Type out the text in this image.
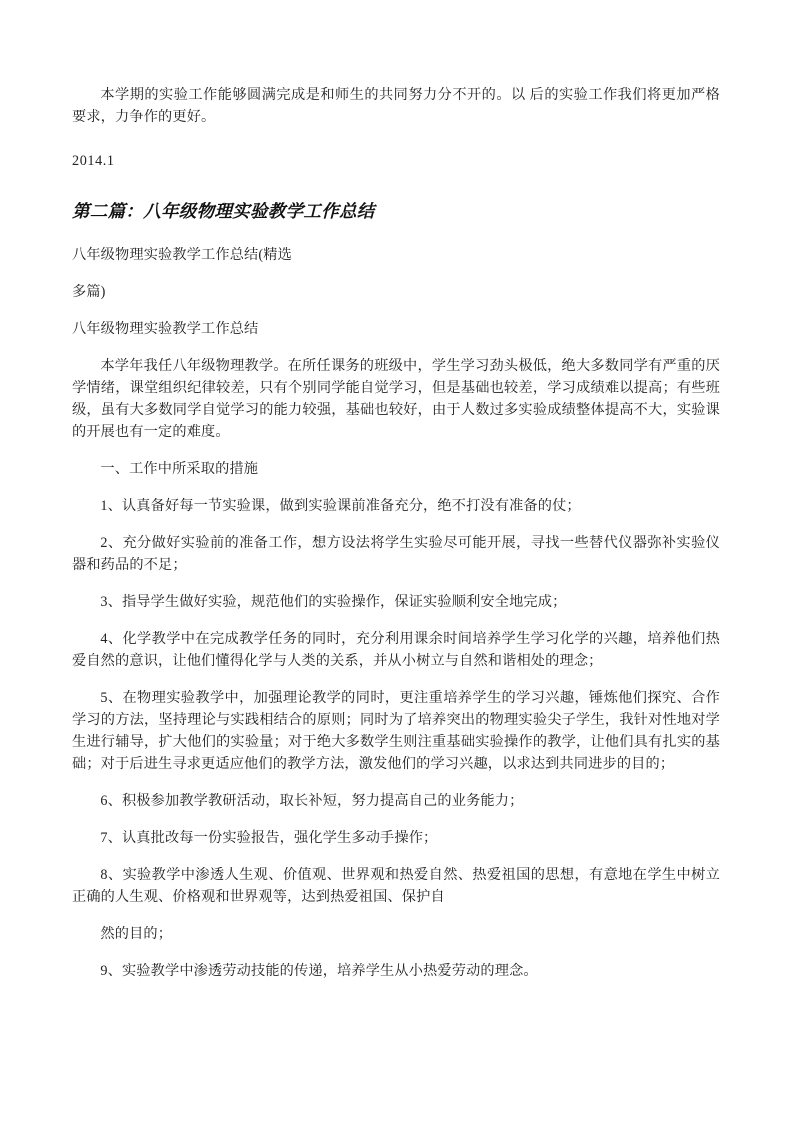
本学期的实验工作能够圆满完成是和师生的共同努力分不开的。以 后的实验工作我们将更加严格要求，力争作的更好。

2014.1

第二篇：八年级物理实验教学工作总结

八年级物理实验教学工作总结(精选

多篇)

八年级物理实验教学工作总结

本学年我任八年级物理教学。在所任课务的班级中，学生学习劲头极低，绝大多数同学有严重的厌学情绪，课堂组织纪律较差，只有个别同学能自觉学习，但是基础也较差，学习成绩难以提高；有些班级，虽有大多数同学自觉学习的能力较强，基础也较好，由于人数过多实验成绩整体提高不大，实验课的开展也有一定的难度。

一、工作中所采取的措施

1、认真备好每一节实验课，做到实验课前准备充分，绝不打没有准备的仗；

2、充分做好实验前的准备工作，想方设法将学生实验尽可能开展，寻找一些替代仪器弥补实验仪器和药品的不足；

3、指导学生做好实验，规范他们的实验操作，保证实验顺利安全地完成；

4、化学教学中在完成教学任务的同时，充分利用课余时间培养学生学习化学的兴趣，培养他们热爱自然的意识，让他们懂得化学与人类的关系，并从小树立与自然和谐相处的理念；

5、在物理实验教学中，加强理论教学的同时，更注重培养学生的学习兴趣，锤炼他们探究、合作学习的方法，坚持理论与实践相结合的原则；同时为了培养突出的物理实验尖子学生，我针对性地对学生进行辅导，扩大他们的实验量；对于绝大多数学生则注重基础实验操作的教学，让他们具有扎实的基础；对于后进生寻求更适应他们的教学方法，激发他们的学习兴趣，以求达到共同进步的目的；

6、积极参加教学教研活动，取长补短，努力提高自己的业务能力；

7、认真批改每一份实验报告，强化学生多动手操作；

8、实验教学中渗透人生观、价值观、世界观和热爱自然、热爱祖国的思想，有意地在学生中树立正确的人生观、价格观和世界观等，达到热爱祖国、保护自

然的目的；

9、实验教学中渗透劳动技能的传递，培养学生从小热爱劳动的理念。
